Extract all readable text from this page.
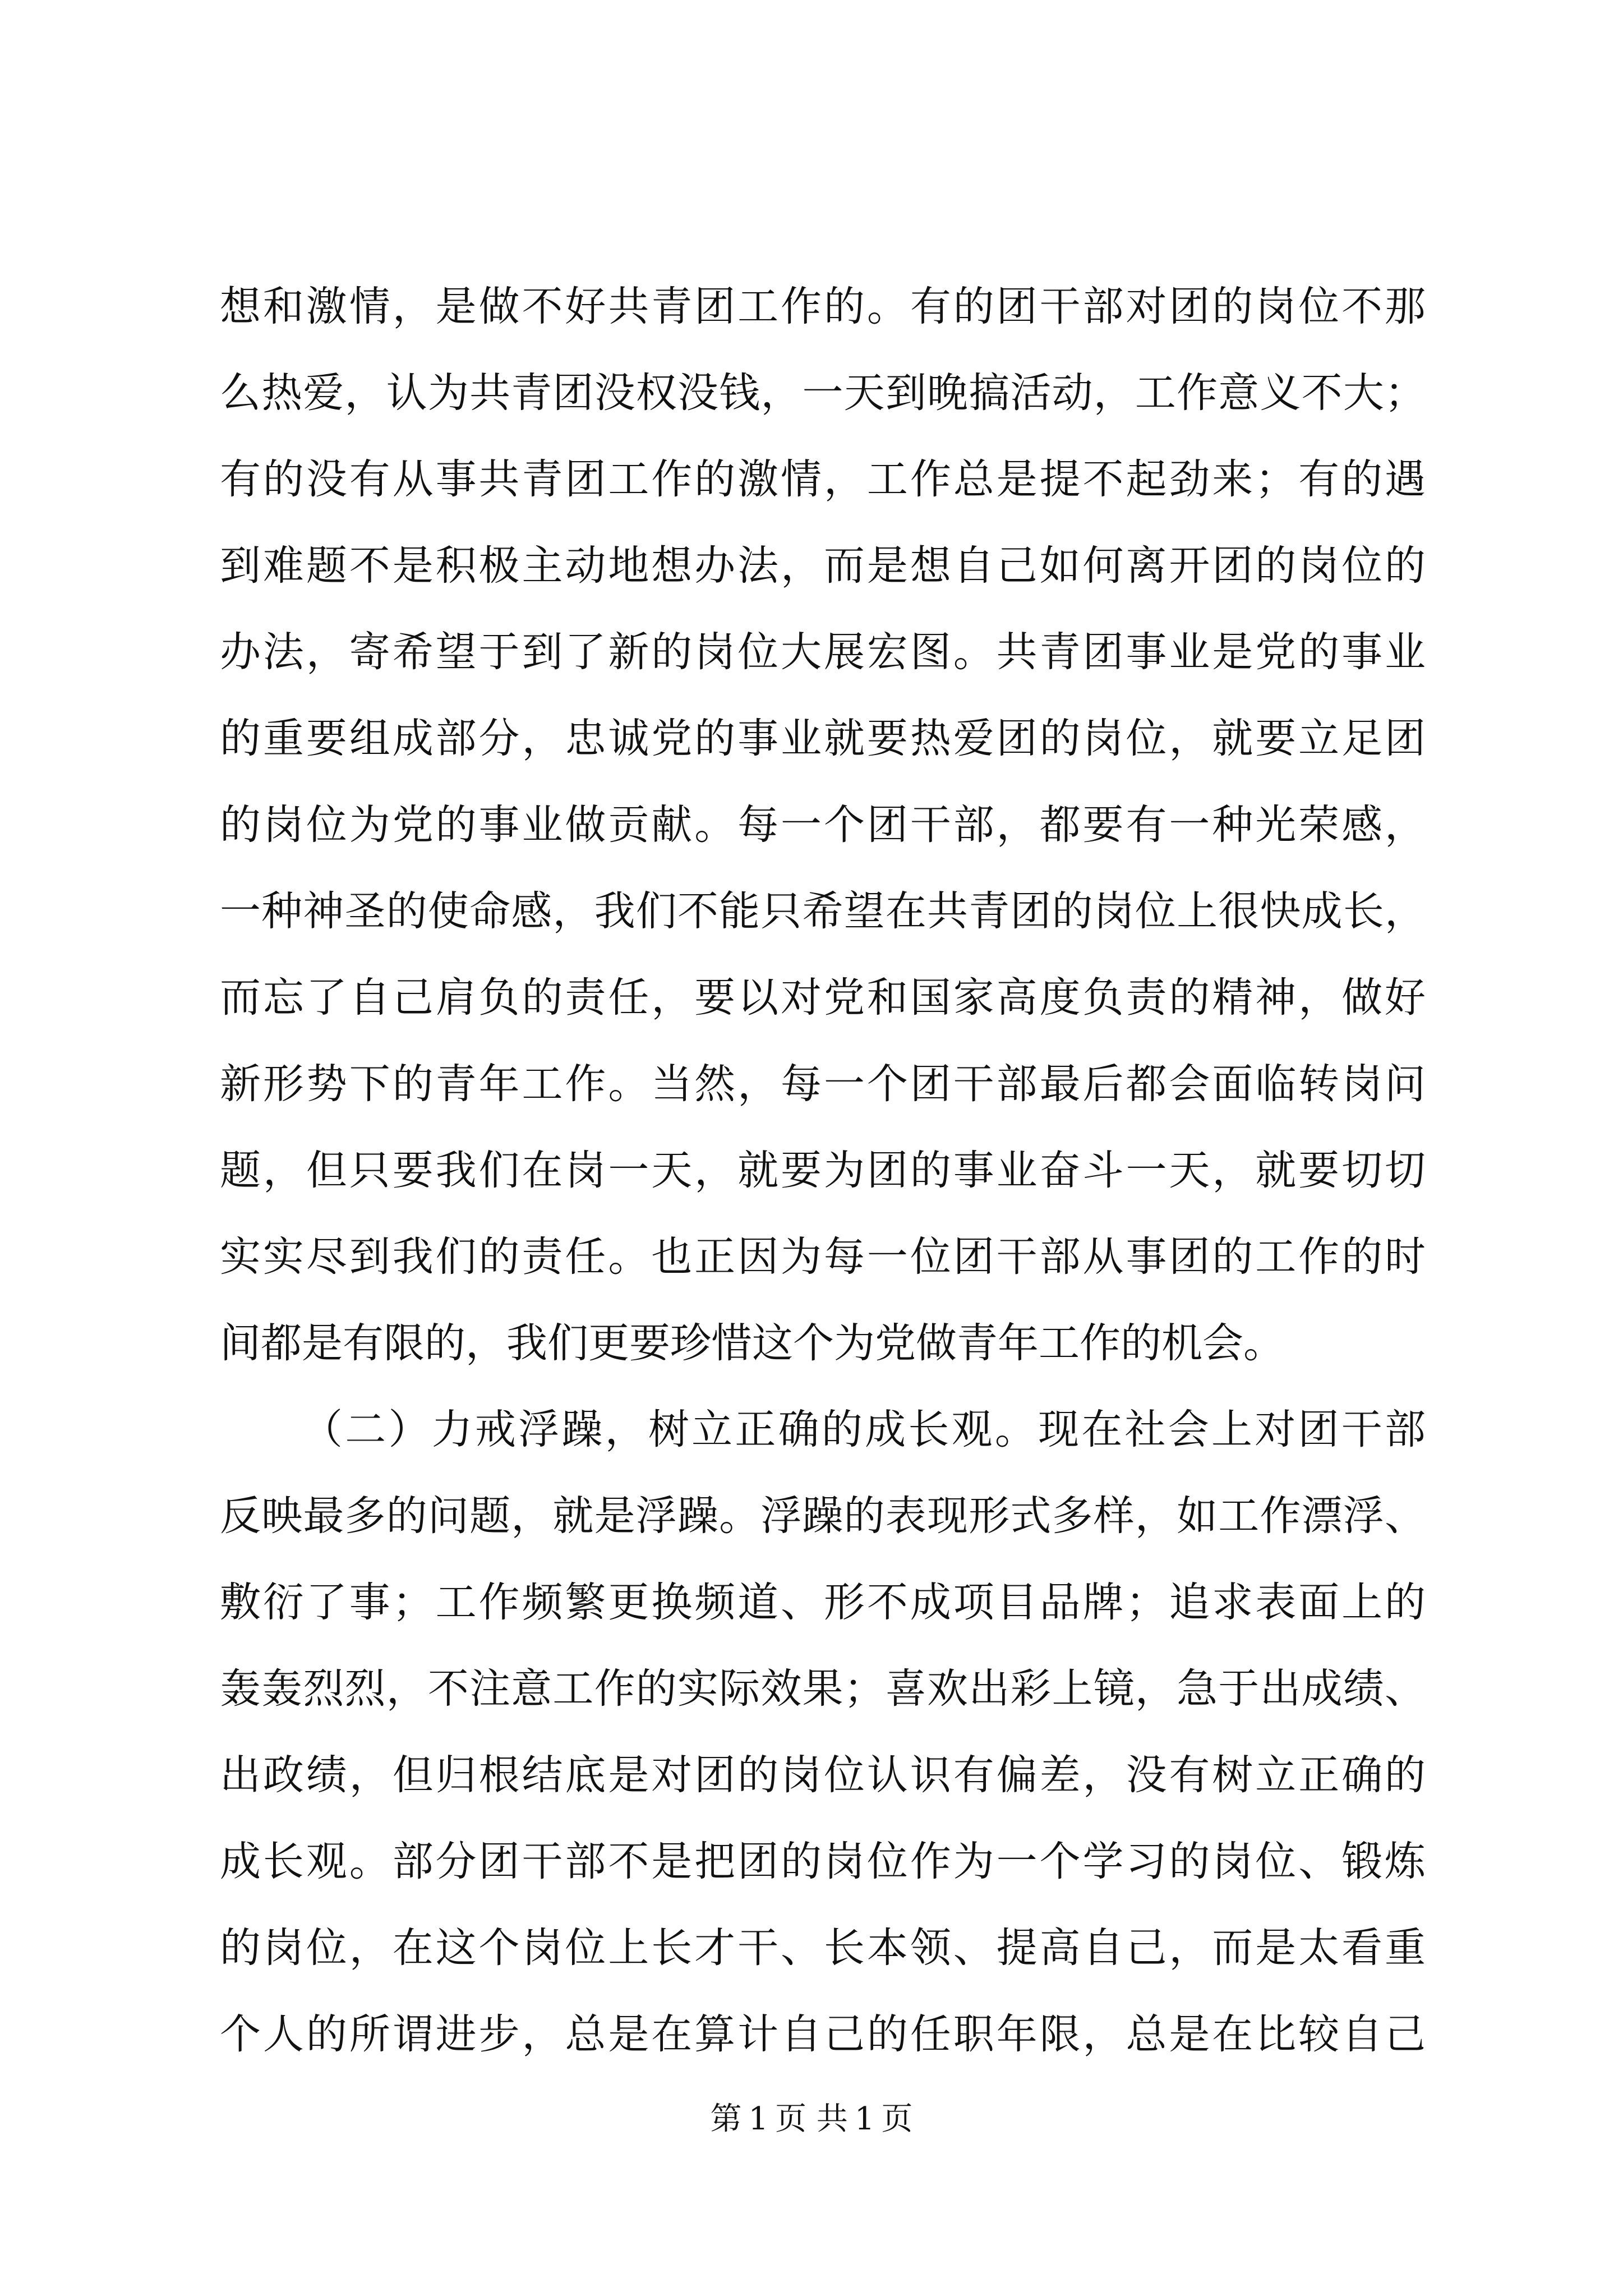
想和激情，是做不好共青团工作的。有的团干部对团的岗位不那
么热爱，认为共青团没权没钱，一天到晚搞活动，工作意义不大；
有的没有从事共青团工作的激情，工作总是提不起劲来；有的遇
到难题不是积极主动地想办法，而是想自己如何离开团的岗位的
办法，寄希望于到了新的岗位大展宏图。共青团事业是党的事业
的重要组成部分，忠诚党的事业就要热爱团的岗位，就要立足团
的岗位为党的事业做贡献。每一个团干部，都要有一种光荣感，
一种神圣的使命感，我们不能只希望在共青团的岗位上很快成长，
而忘了自己肩负的责任，要以对党和国家高度负责的精神，做好
新形势下的青年工作。当然，每一个团干部最后都会面临转岗问
题，但只要我们在岗一天，就要为团的事业奋斗一天，就要切切
实实尽到我们的责任。也正因为每一位团干部从事团的工作的时
间都是有限的，我们更要珍惜这个为党做青年工作的机会。
（二）力戒浮躁，树立正确的成长观。现在社会上对团干部
反映最多的问题，就是浮躁。浮躁的表现形式多样，如工作漂浮、
敷衍了事；工作频繁更换频道、形不成项目品牌；追求表面上的
轰轰烈烈，不注意工作的实际效果；喜欢出彩上镜，急于出成绩、
出政绩，但归根结底是对团的岗位认识有偏差，没有树立正确的
成长观。部分团干部不是把团的岗位作为一个学习的岗位、锻炼
的岗位，在这个岗位上长才干、长本领、提高自己，而是太看重
个人的所谓进步，总是在算计自己的任职年限，总是在比较自己
第 1 页 共 1 页
